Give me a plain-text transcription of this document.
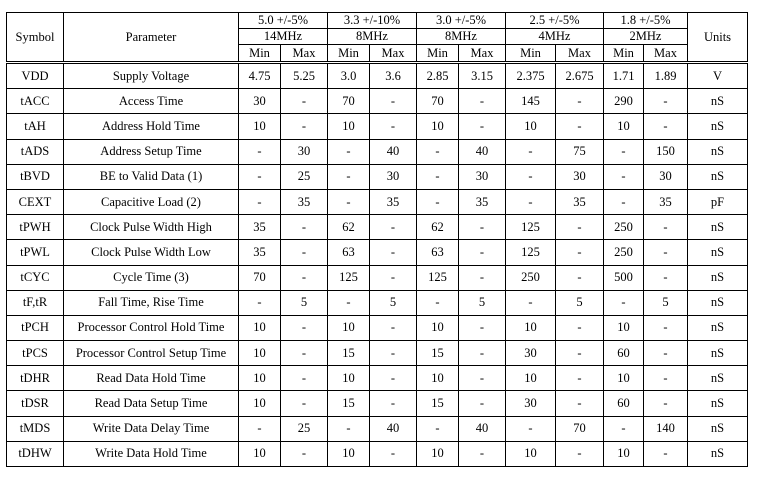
Symbol	Parameter	5.0 +/-5%		3.3 +/-10%		3.0 +/-5%		2.5 +/-5%		1.8 +/-5%		Units
		14MHz		8MHz		8MHz		4MHz		2MHz		
		Min	Max	Min	Max	Min	Max	Min	Max	Min	Max	
VDD	Supply Voltage	4.75	5.25	3.0	3.6	2.85	3.15	2.375	2.675	1.71	1.89	V
tACC	Access Time	30	-	70	-	70	-	145	-	290	-	nS
tAH	Address Hold Time	10	-	10	-	10	-	10	-	10	-	nS
tADS	Address Setup Time	-	30	-	40	-	40	-	75	-	150	nS
tBVD	BE to Valid Data (1)	-	25	-	30	-	30	-	30	-	30	nS
CEXT	Capacitive Load (2)	-	35	-	35	-	35	-	35	-	35	pF
tPWH	Clock Pulse Width High	35	-	62	-	62	-	125	-	250	-	nS
tPWL	Clock Pulse Width Low	35	-	63	-	63	-	125	-	250	-	nS
tCYC	Cycle Time (3)	70	-	125	-	125	-	250	-	500	-	nS
tF,tR	Fall Time, Rise Time	-	5	-	5	-	5	-	5	-	5	nS
tPCH	Processor Control Hold Time	10	-	10	-	10	-	10	-	10	-	nS
tPCS	Processor Control Setup Time	10	-	15	-	15	-	30	-	60	-	nS
tDHR	Read Data Hold Time	10	-	10	-	10	-	10	-	10	-	nS
tDSR	Read Data Setup Time	10	-	15	-	15	-	30	-	60	-	nS
tMDS	Write Data Delay Time	-	25	-	40	-	40	-	70	-	140	nS
tDHW	Write Data Hold Time	10	-	10	-	10	-	10	-	10	-	nS
